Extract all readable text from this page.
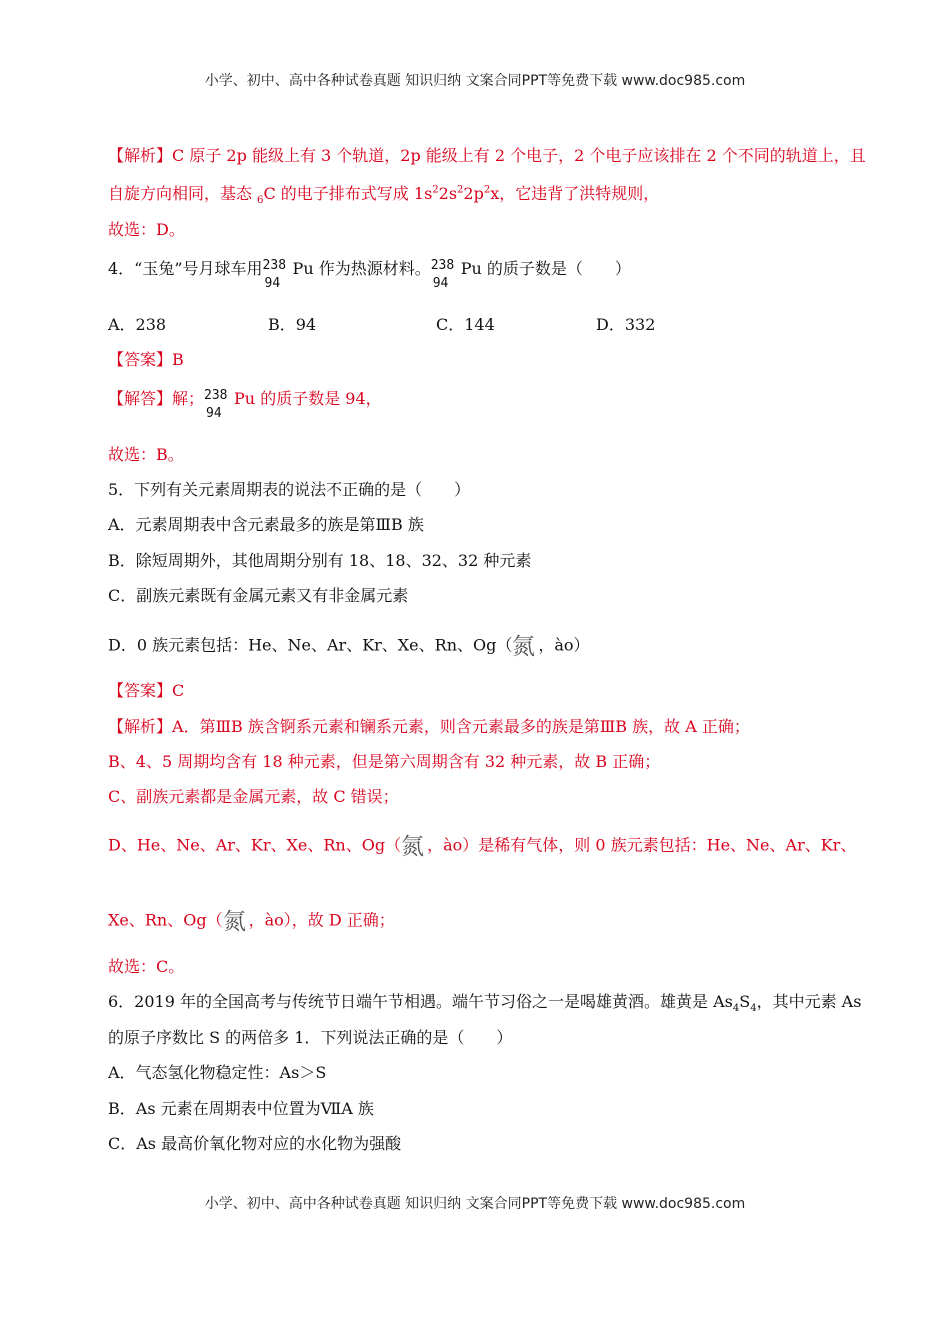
小学、初中、高中各种试卷真题 知识归纳 文案合同PPT等免费下载 www.doc985.com
【解析】C 原子 2p 能级上有 3 个轨道，2p 能级上有 2 个电子，2 个电子应该排在 2 个不同的轨道上，且
自旋方向相同，基态 $_6$C 的电子排布式写成 $1s^22s^22p^2x$，它违背了洪特规则，
故选：D。
4．“玉兔”号月球车用 238
94
Pu 作为热源材料。 238
94
Pu 的质子数是（　　）
A．238	B．94	C．144	D．332
【答案】B
【解答】解； 238
94
Pu 的质子数是 94，
故选：B。
5．下列有关元素周期表的说法不正确的是（　　）
A．元素周期表中含元素最多的族是第ⅢB 族
B．除短周期外，其他周期分别有 18、18、32、32 种元素
C．副族元素既有金属元素又有非金属元素
D．0 族元素包括：He、Ne、Ar、Kr、Xe、Rn、Og（ 氮 ，ào）
【答案】C
【解析】A．第ⅢB 族含锕系元素和镧系元素，则含元素最多的族是第ⅢB 族，故 A 正确；
B、4、5 周期均含有 18 种元素，但是第六周期含有 32 种元素，故 B 正确；
C、副族元素都是金属元素，故 C 错误；
D、He、Ne、Ar、Kr、Xe、Rn、Og（ 氮 ，ào）是稀有气体，则 0 族元素包括：He、Ne、Ar、Kr、
Xe、Rn、Og（ 氮 ，ào），故 D 正确；
故选：C。
6．2019 年的全国高考与传统节日端午节相遇。端午节习俗之一是喝雄黄酒。雄黄是 $As_4S_4$，其中元素 As
的原子序数比 S 的两倍多 1．下列说法正确的是（　　）
A．气态氢化物稳定性：As＞S
B．As 元素在周期表中位置为ⅦA 族
C．As 最高价氧化物对应的水化物为强酸
小学、初中、高中各种试卷真题 知识归纳 文案合同PPT等免费下载 www.doc985.com
